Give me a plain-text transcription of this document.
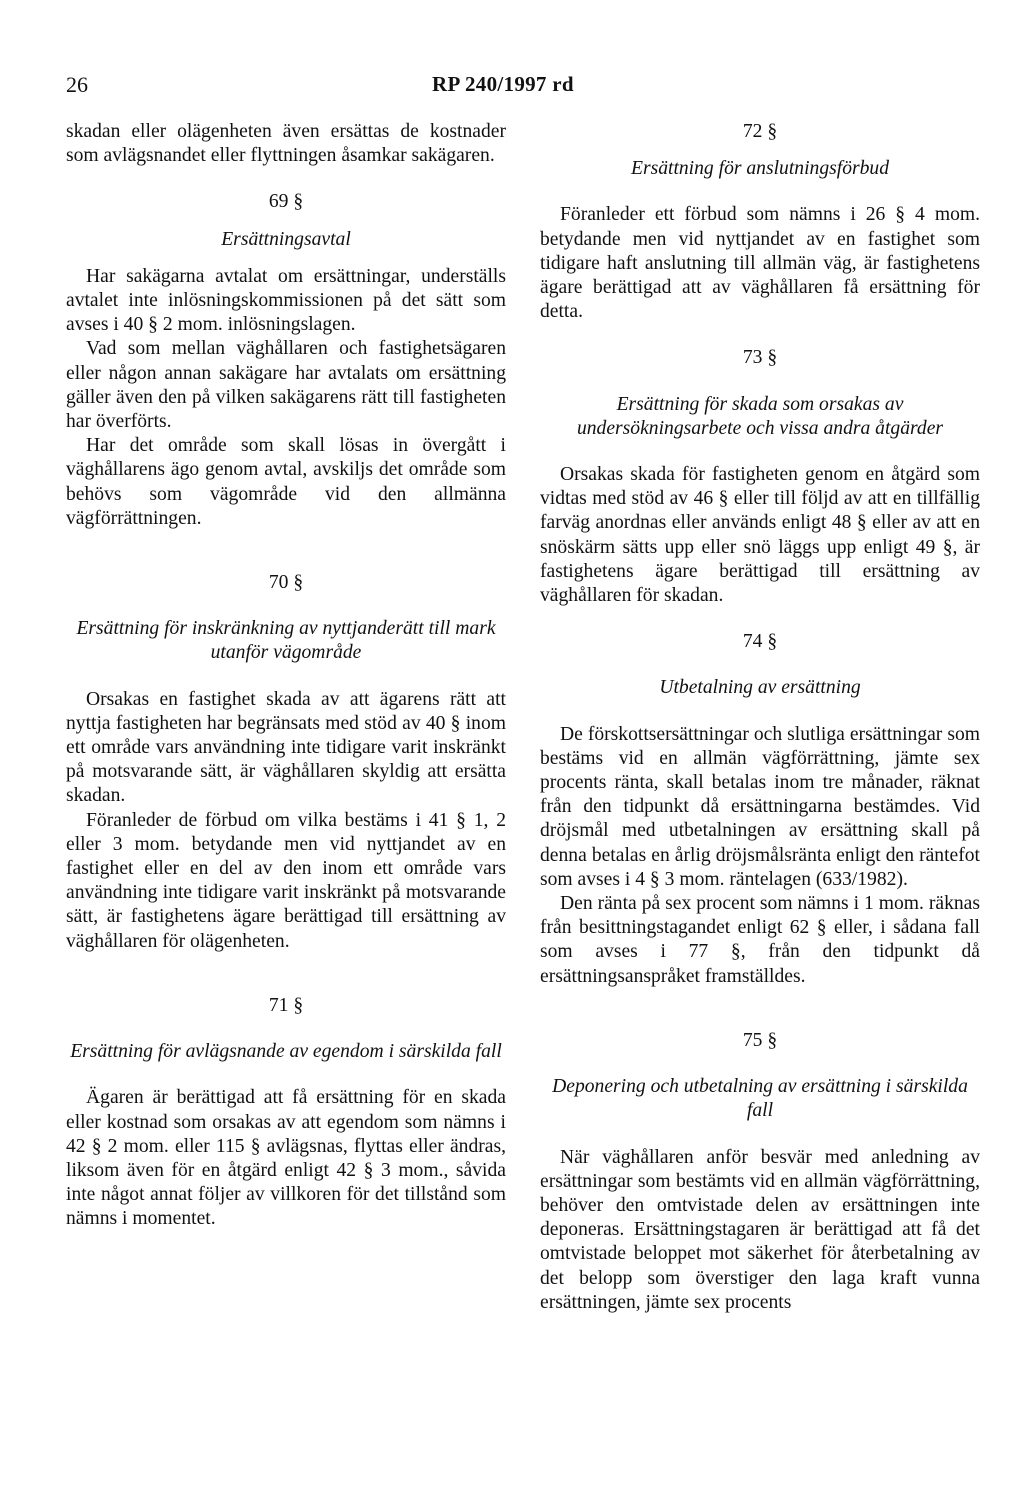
26	RP 240/1997 rd

skadan eller olägenheten även ersättas de kostnader som avlägsnandet eller flyttningen åsamkar sakägaren.

69 §

Ersättningsavtal

Har sakägarna avtalat om ersättningar, underställs avtalet inte inlösningskommissionen på det sätt som avses i 40 § 2 mom. inlösningslagen.

Vad som mellan väghållaren och fastighetsägaren eller någon annan sakägare har avtalats om ersättning gäller även den på vilken sakägarens rätt till fastigheten har överförts.

Har det område som skall lösas in övergått i väghållarens ägo genom avtal, avskiljs det område som behövs som vägområde vid den allmänna vägförrättningen.

70 §

Ersättning för inskränkning av nyttjanderätt till mark utanför vägområde

Orsakas en fastighet skada av att ägarens rätt att nyttja fastigheten har begränsats med stöd av 40 § inom ett område vars användning inte tidigare varit inskränkt på motsvarande sätt, är väghållaren skyldig att ersätta skadan.

Föranleder de förbud om vilka bestäms i 41 § 1, 2 eller 3 mom. betydande men vid nyttjandet av en fastighet eller en del av den inom ett område vars användning inte tidigare varit inskränkt på motsvarande sätt, är fastighetens ägare berättigad till ersättning av väghållaren för olägenheten.

71 §

Ersättning för avlägsnande av egendom i särskilda fall

Ägaren är berättigad att få ersättning för en skada eller kostnad som orsakas av att egendom som nämns i 42 § 2 mom. eller 115 § avlägsnas, flyttas eller ändras, liksom även för en åtgärd enligt 42 § 3 mom., såvida inte något annat följer av villkoren för det tillstånd som nämns i momentet.

72 §

Ersättning för anslutningsförbud

Föranleder ett förbud som nämns i 26 § 4 mom. betydande men vid nyttjandet av en fastighet som tidigare haft anslutning till allmän väg, är fastighetens ägare berättigad att av väghållaren få ersättning för detta.

73 §

Ersättning för skada som orsakas av undersökningsarbete och vissa andra åtgärder

Orsakas skada för fastigheten genom en åtgärd som vidtas med stöd av 46 § eller till följd av att en tillfällig farväg anordnas eller används enligt 48 § eller av att en snöskärm sätts upp eller snö läggs upp enligt 49 §, är fastighetens ägare berättigad till ersättning av väghållaren för skadan.

74 §

Utbetalning av ersättning

De förskottsersättningar och slutliga ersättningar som bestäms vid en allmän vägförrättning, jämte sex procents ränta, skall betalas inom tre månader, räknat från den tidpunkt då ersättningarna bestämdes. Vid dröjsmål med utbetalningen av ersättning skall på denna betalas en årlig dröjsmålsränta enligt den räntefot som avses i 4 § 3 mom. räntelagen (633/1982).

Den ränta på sex procent som nämns i 1 mom. räknas från besittningstagandet enligt 62 § eller, i sådana fall som avses i 77 §, från den tidpunkt då ersättningsanspråket framställdes.

75 §

Deponering och utbetalning av ersättning i särskilda fall

När väghållaren anför besvär med anledning av ersättningar som bestämts vid en allmän vägförrättning, behöver den omtvistade delen av ersättningen inte deponeras. Ersättningstagaren är berättigad att få det omtvistade beloppet mot säkerhet för återbetalning av det belopp som överstiger den laga kraft vunna ersättningen, jämte sex procents
